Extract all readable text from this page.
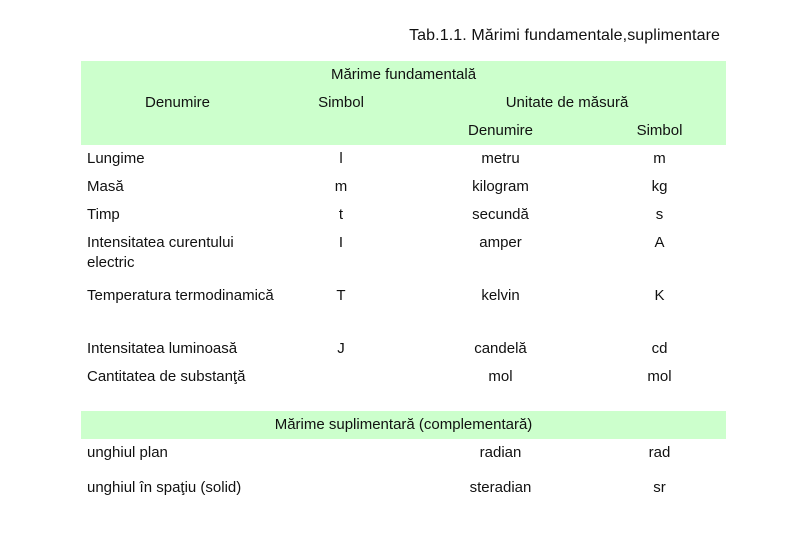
Tab.1.1. Mărimi fundamentale,suplimentare
Mărime fundamentală			
Denumire	Simbol	Unitate de măsură	
		Denumire	Simbol
Lungime	l	metru	m
Masă	m	kilogram	kg
Timp	t	secundă	s
Intensitatea curentului electric	I	amper	A
Temperatura termodinamică	T	kelvin	K
Intensitatea luminoasă	J	candelă	cd
Cantitatea de substanţă		mol	mol

Mărime suplimentară (complementară)			
unghiul plan		radian	rad
unghiul în spaţiu (solid)		steradian	sr
